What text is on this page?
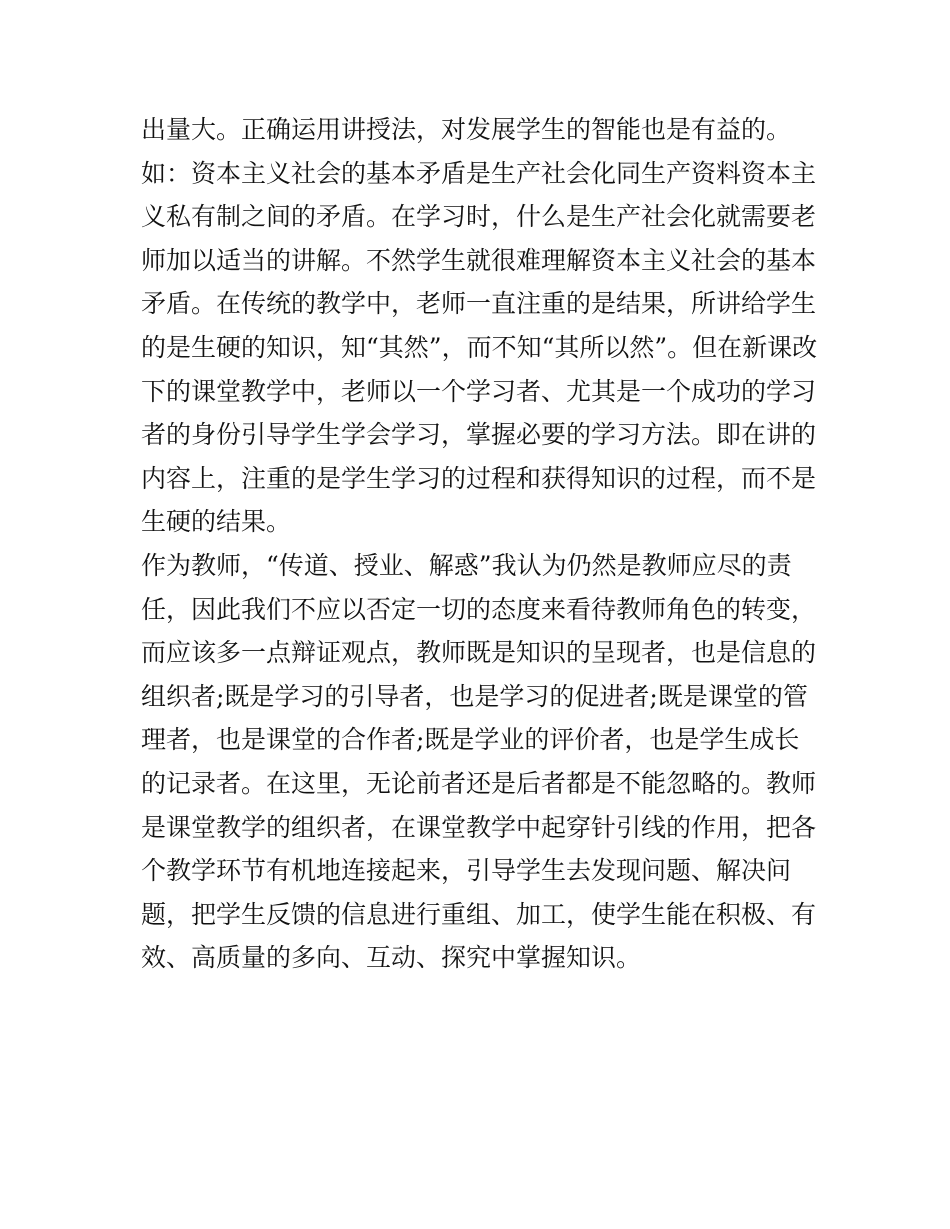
出量大。正确运用讲授法，对发展学生的智能也是有益的。
如：资本主义社会的基本矛盾是生产社会化同生产资料资本主
义私有制之间的矛盾。在学习时，什么是生产社会化就需要老
师加以适当的讲解。不然学生就很难理解资本主义社会的基本
矛盾。在传统的教学中，老师一直注重的是结果，所讲给学生
的是生硬的知识，知“其然”，而不知“其所以然”。但在新课改
下的课堂教学中，老师以一个学习者、尤其是一个成功的学习
者的身份引导学生学会学习，掌握必要的学习方法。即在讲的
内容上，注重的是学生学习的过程和获得知识的过程，而不是
生硬的结果。
作为教师，“传道、授业、解惑”我认为仍然是教师应尽的责
任，因此我们不应以否定一切的态度来看待教师角色的转变，
而应该多一点辩证观点，教师既是知识的呈现者，也是信息的
组织者;既是学习的引导者，也是学习的促进者;既是课堂的管
理者，也是课堂的合作者;既是学业的评价者，也是学生成长
的记录者。在这里，无论前者还是后者都是不能忽略的。教师
是课堂教学的组织者，在课堂教学中起穿针引线的作用，把各
个教学环节有机地连接起来，引导学生去发现问题、解决问
题，把学生反馈的信息进行重组、加工，使学生能在积极、有
效、高质量的多向、互动、探究中掌握知识。
